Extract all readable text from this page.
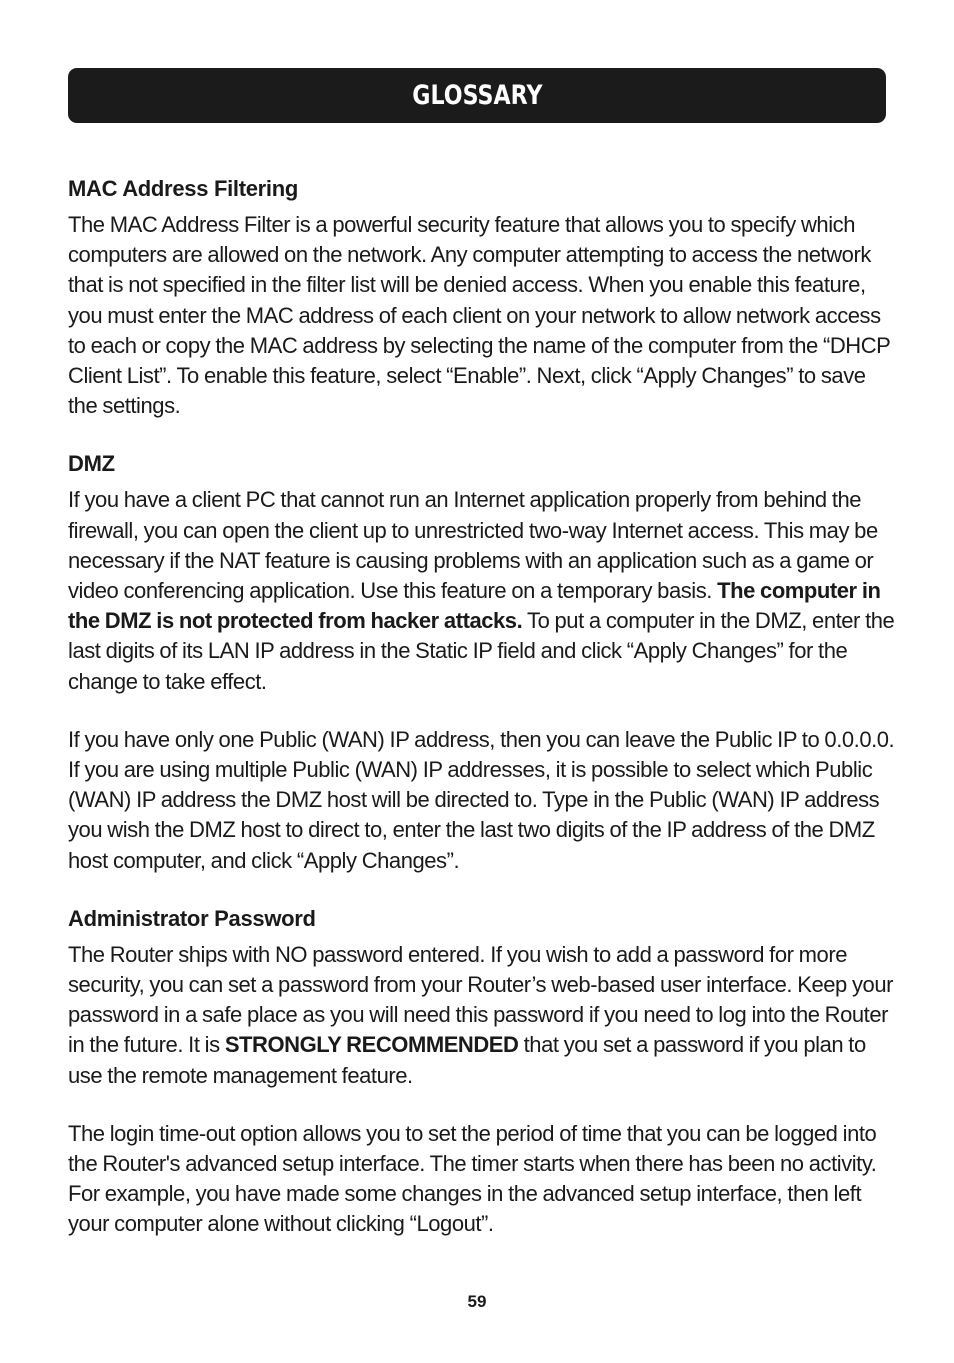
GLOSSARY
MAC Address Filtering

The MAC Address Filter is a powerful security feature that allows you to specify which computers are allowed on the network. Any computer attempting to access the network that is not specified in the filter list will be denied access. When you enable this feature, you must enter the MAC address of each client on your network to allow network access to each or copy the MAC address by selecting the name of the computer from the “DHCP Client List”. To enable this feature, select “Enable”. Next, click “Apply Changes” to save the settings.

DMZ

If you have a client PC that cannot run an Internet application properly from behind the firewall, you can open the client up to unrestricted two-way Internet access. This may be necessary if the NAT feature is causing problems with an application such as a game or video conferencing application. Use this feature on a temporary basis. The computer in the DMZ is not protected from hacker attacks. To put a computer in the DMZ, enter the last digits of its LAN IP address in the Static IP field and click “Apply Changes” for the change to take effect.

If you have only one Public (WAN) IP address, then you can leave the Public IP to 0.0.0.0. If you are using multiple Public (WAN) IP addresses, it is possible to select which Public (WAN) IP address the DMZ host will be directed to. Type in the Public (WAN) IP address you wish the DMZ host to direct to, enter the last two digits of the IP address of the DMZ host computer, and click “Apply Changes”.

Administrator Password

The Router ships with NO password entered. If you wish to add a password for more security, you can set a password from your Router’s web-based user interface. Keep your password in a safe place as you will need this password if you need to log into the Router in the future. It is STRONGLY RECOMMENDED that you set a password if you plan to use the remote management feature.

The login time-out option allows you to set the period of time that you can be logged into the Router's advanced setup interface. The timer starts when there has been no activity. For example, you have made some changes in the advanced setup interface, then left your computer alone without clicking “Logout”.

59
